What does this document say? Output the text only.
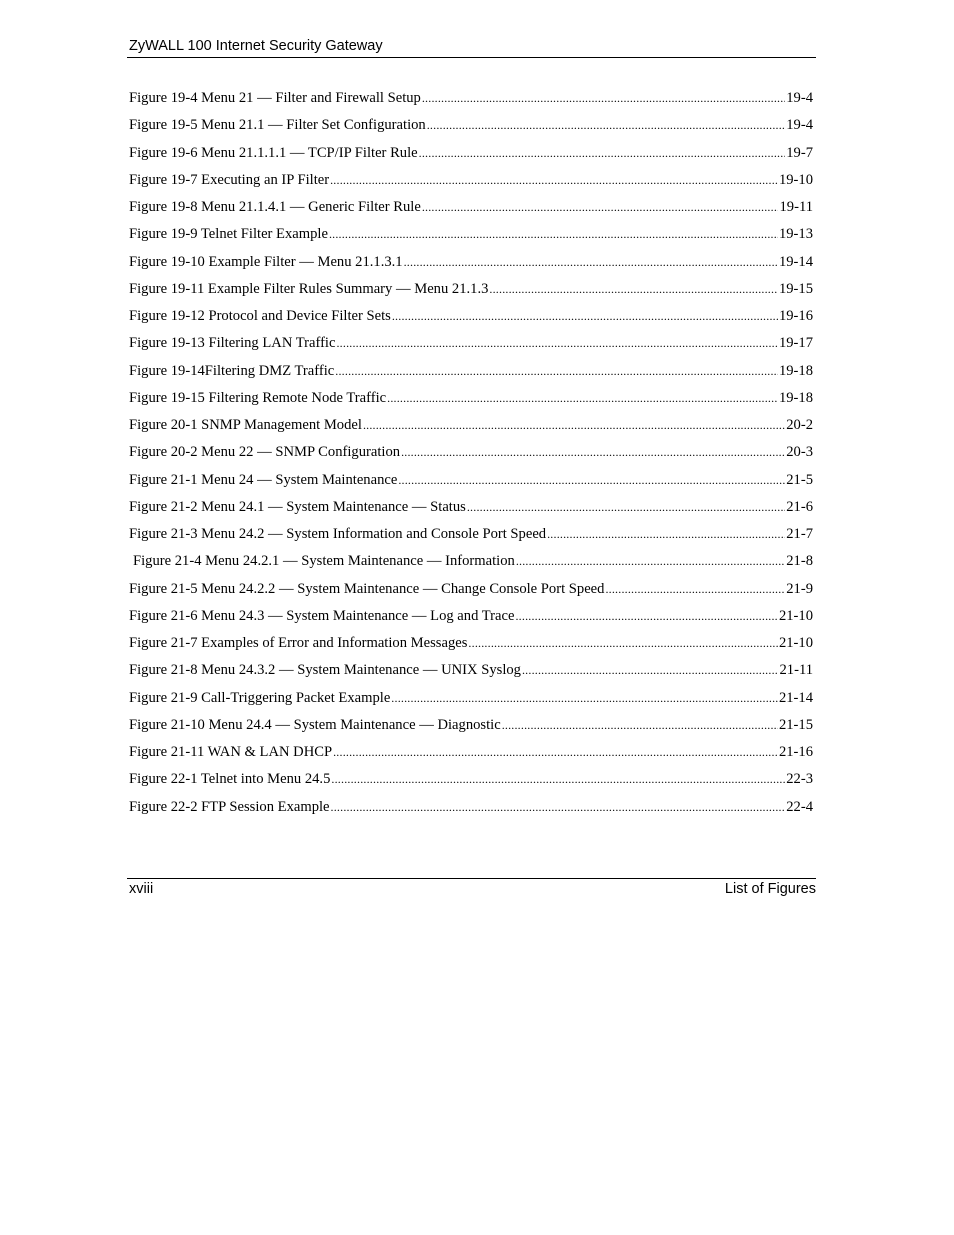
ZyWALL 100 Internet Security Gateway
Figure 19-4 Menu 21 — Filter and Firewall Setup .....	19-4
Figure 19-5 Menu 21.1 — Filter Set Configuration .....	19-4
Figure 19-6 Menu 21.1.1.1 — TCP/IP Filter Rule .....	19-7
Figure 19-7 Executing an IP Filter .....	19-10
Figure 19-8 Menu 21.1.4.1 — Generic Filter Rule .....	19-11
Figure 19-9 Telnet Filter Example .....	19-13
Figure 19-10 Example Filter — Menu 21.1.3.1 .....	19-14
Figure 19-11 Example Filter Rules Summary — Menu 21.1.3 .....	19-15
Figure 19-12 Protocol and Device Filter Sets .....	19-16
Figure 19-13 Filtering LAN Traffic .....	19-17
Figure 19-14Filtering DMZ Traffic .....	19-18
Figure 19-15 Filtering Remote Node Traffic .....	19-18
Figure 20-1 SNMP Management Model .....	20-2
Figure 20-2 Menu 22 — SNMP Configuration .....	20-3
Figure 21-1 Menu 24 — System Maintenance .....	21-5
Figure 21-2 Menu 24.1 — System Maintenance — Status .....	21-6
Figure 21-3 Menu 24.2 — System Information and Console Port Speed .....	21-7
Figure 21-4 Menu 24.2.1 — System Maintenance — Information .....	21-8
Figure 21-5 Menu 24.2.2 — System Maintenance — Change Console Port Speed .....	21-9
Figure 21-6 Menu 24.3 — System Maintenance — Log and Trace .....	21-10
Figure 21-7 Examples of Error and Information Messages .....	21-10
Figure 21-8 Menu 24.3.2 — System Maintenance — UNIX Syslog .....	21-11
Figure 21-9 Call-Triggering Packet Example .....	21-14
Figure 21-10 Menu 24.4 — System Maintenance — Diagnostic .....	21-15
Figure 21-11 WAN & LAN DHCP .....	21-16
Figure 22-1 Telnet into Menu 24.5 .....	22-3
Figure 22-2 FTP Session Example .....	22-4
xviii	List of Figures
